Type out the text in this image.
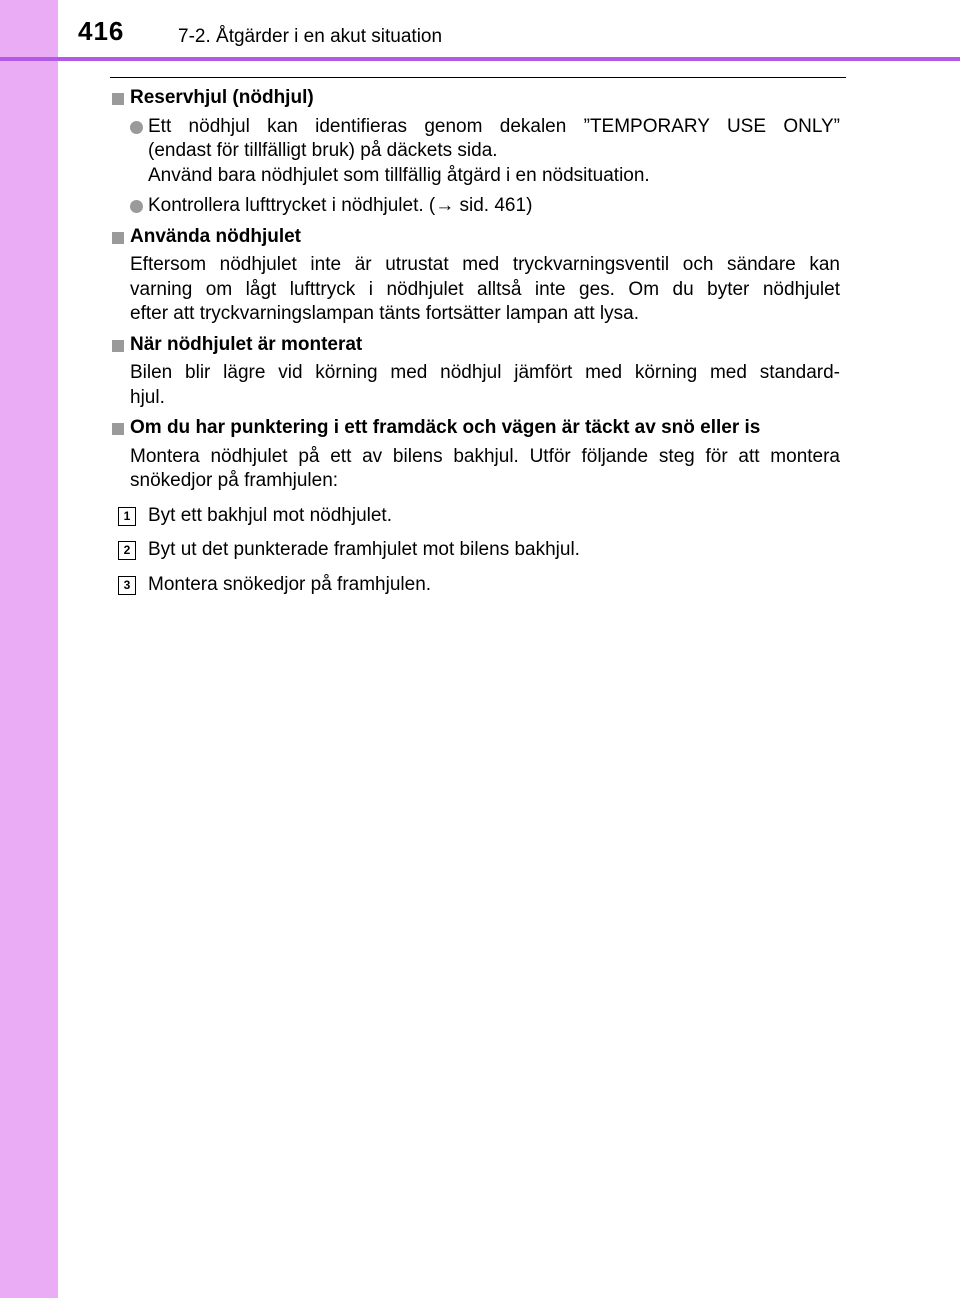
416	7-2. Åtgärder i en akut situation
Reservhjul (nödhjul)
Ett nödhjul kan identifieras genom dekalen ”TEMPORARY USE ONLY”
(endast för tillfälligt bruk) på däckets sida.
Använd bara nödhjulet som tillfällig åtgärd i en nödsituation.
Kontrollera lufttrycket i nödhjulet. (→ sid. 461)
Använda nödhjulet
Eftersom nödhjulet inte är utrustat med tryckvarningsventil och sändare kan
varning om lågt lufttryck i nödhjulet alltså inte ges. Om du byter nödhjulet
efter att tryckvarningslampan tänts fortsätter lampan att lysa.
När nödhjulet är monterat
Bilen blir lägre vid körning med nödhjul jämfört med körning med standard-
hjul.
Om du har punktering i ett framdäck och vägen är täckt av snö eller is
Montera nödhjulet på ett av bilens bakhjul. Utför följande steg för att montera
snökedjor på framhjulen:
1 Byt ett bakhjul mot nödhjulet.
2 Byt ut det punkterade framhjulet mot bilens bakhjul.
3 Montera snökedjor på framhjulen.
